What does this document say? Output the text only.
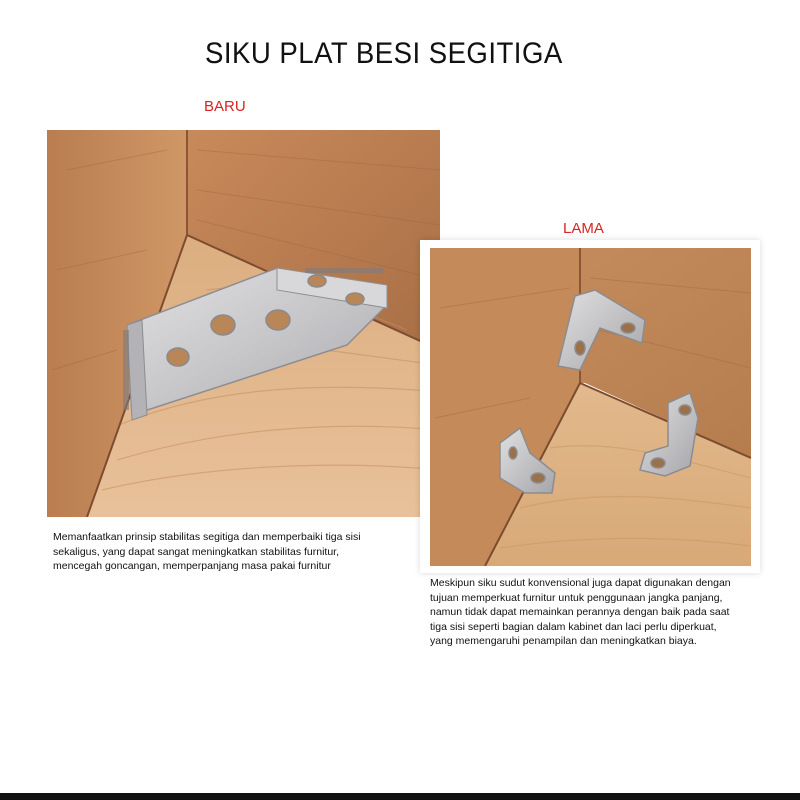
SIKU PLAT BESI SEGITIGA
BARU
LAMA
Memanfaatkan prinsip stabilitas segitiga dan memperbaiki tiga sisi
sekaligus, yang dapat sangat meningkatkan stabilitas furnitur,
mencegah goncangan, memperpanjang masa pakai furnitur
Meskipun siku sudut konvensional juga dapat digunakan dengan
tujuan memperkuat furnitur untuk penggunaan jangka panjang,
namun tidak dapat memainkan perannya dengan baik pada saat
tiga sisi seperti bagian dalam kabinet dan laci perlu diperkuat,
yang memengaruhi penampilan dan meningkatkan biaya.
